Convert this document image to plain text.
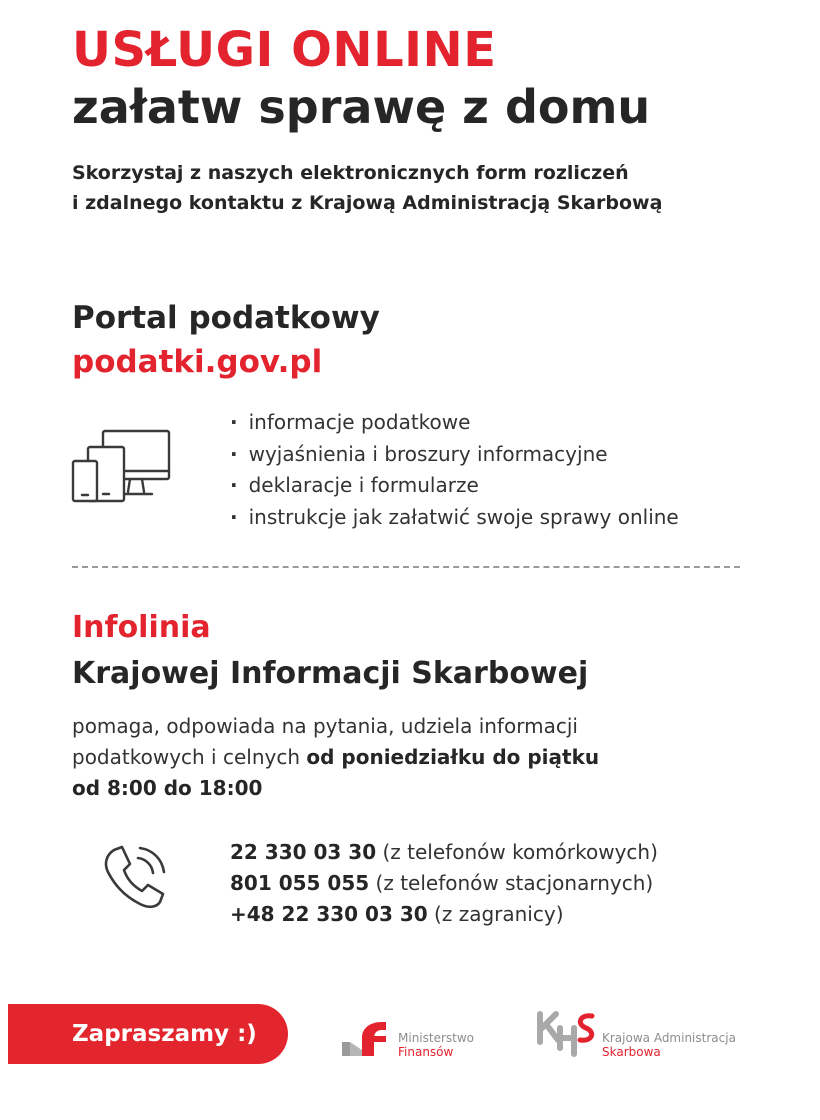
USŁUGI ONLINE
załatw sprawę z domu
Skorzystaj z naszych elektronicznych form rozliczeń
i zdalnego kontaktu z Krajową Administracją Skarbową
Portal podatkowy
podatki.gov.pl
· informacje podatkowe
· wyjaśnienia i broszury informacyjne
· deklaracje i formularze
· instrukcje jak załatwić swoje sprawy online
Infolinia
Krajowej Informacji Skarbowej
pomaga, odpowiada na pytania, udziela informacji
podatkowych i celnych od poniedziałku do piątku
od 8:00 do 18:00
22 330 03 30 (z telefonów komórkowych)
801 055 055 (z telefonów stacjonarnych)
+48 22 330 03 30 (z zagranicy)
Zapraszamy :)	Ministerstwo
Finansów
Krajowa Administracja
Skarbowa
